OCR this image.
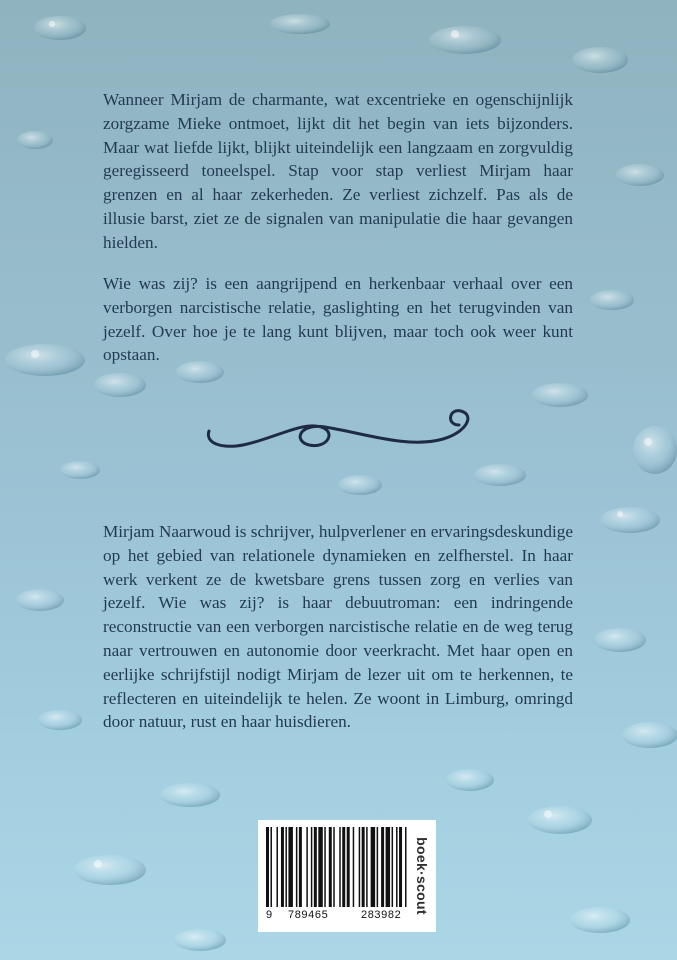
Wanneer Mirjam de charmante, wat excentrieke en ogenschijnlijk zorgzame Mieke ontmoet, lijkt dit het begin van iets bijzonders. Maar wat liefde lijkt, blijkt uiteindelijk een langzaam en zorgvuldig geregisseerd toneelspel. Stap voor stap verliest Mirjam haar grenzen en al haar zekerheden. Ze verliest zichzelf. Pas als de illusie barst, ziet ze de signalen van manipulatie die haar gevangen hielden.

Wie was zij? is een aangrijpend en herkenbaar verhaal over een verborgen narcistische relatie, gaslighting en het terugvinden van jezelf. Over hoe je te lang kunt blijven, maar toch ook weer kunt opstaan.

Mirjam Naarwoud is schrijver, hulpverlener en ervaringsdeskundige op het gebied van relationele dynamieken en zelfherstel. In haar werk verkent ze de kwetsbare grens tussen zorg en verlies van jezelf. Wie was zij? is haar debuutroman: een indringende reconstructie van een verborgen narcistische relatie en de weg terug naar vertrouwen en autonomie door veerkracht. Met haar open en eerlijke schrijfstijl nodigt Mirjam de lezer uit om te herkennen, te reflecteren en uiteindelijk te helen. Ze woont in Limburg, omringd door natuur, rust en haar huisdieren.

9 789465	283982
boek·scout
